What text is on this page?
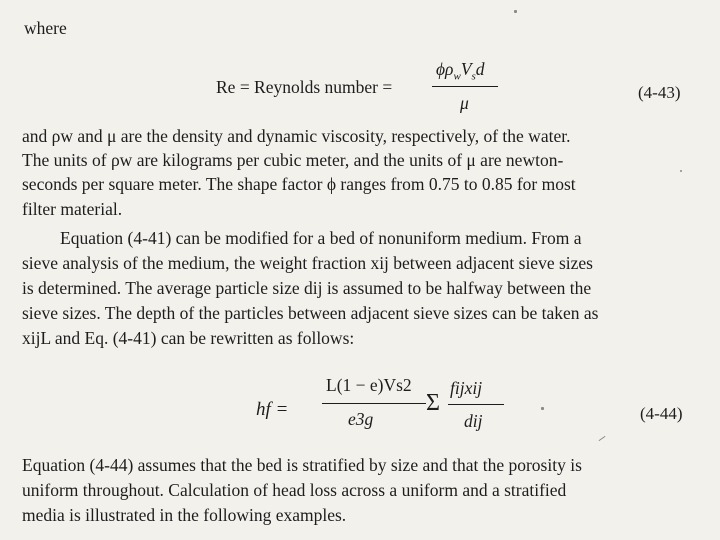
where
Re = Reynolds number =
$\phi\rho_wV_sd$
μ
(4-43)
and ρw and μ are the density and dynamic viscosity, respectively, of the water.
The units of ρw are kilograms per cubic meter, and the units of μ are newton-
seconds per square meter. The shape factor ϕ ranges from 0.75 to 0.85 for most
filter material.
Equation (4-41) can be modified for a bed of nonuniform medium. From a
sieve analysis of the medium, the weight fraction xij between adjacent sieve sizes
is determined. The average particle size dij is assumed to be halfway between the
sieve sizes. The depth of the particles between adjacent sieve sizes can be taken as
xijL and Eq. (4-41) can be rewritten as follows:
hf =
L(1 − e)Vs2
e3g
Σ
fijxij
dij	(4-44)
Equation (4-44) assumes that the bed is stratified by size and that the porosity is
uniform throughout. Calculation of head loss across a uniform and a stratified
media is illustrated in the following examples.
